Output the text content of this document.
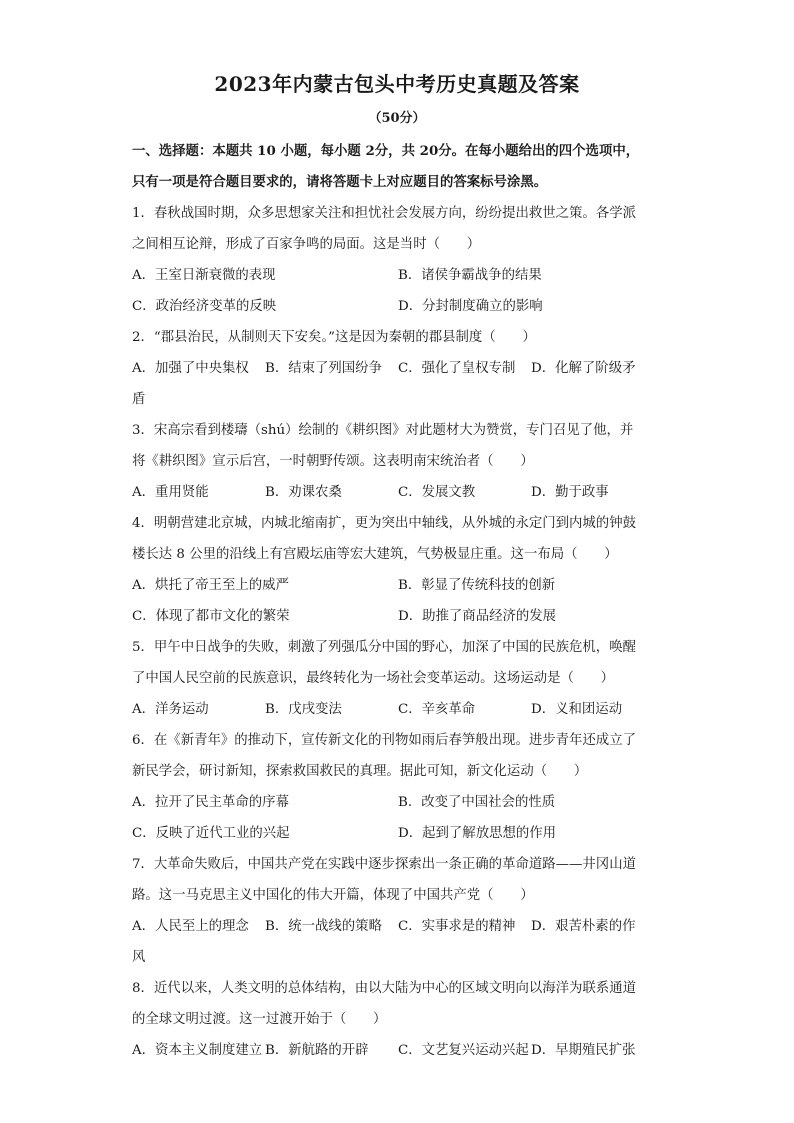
2023年内蒙古包头中考历史真题及答案
（50分）
一、选择题：本题共 10 小题，每小题 2分，共 20分。在每小题给出的四个选项中，
只有一项是符合题目要求的，请将答题卡上对应题目的答案标号涂黑。
1．春秋战国时期，众多思想家关注和担忧社会发展方向，纷纷提出救世之策。各学派
之间相互论辩，形成了百家争鸣的局面。这是当时（　　）
A．王室日渐衰微的表现	B．诸侯争霸战争的结果
C．政治经济变革的反映	D．分封制度确立的影响
2．“郡县治民，从制则天下安矣。”这是因为秦朝的郡县制度（　　）
A．加强了中央集权	B．结束了列国纷争	C．强化了皇权专制	D．化解了阶级矛
盾
3．宋高宗看到楼璹（shú）绘制的《耕织图》对此题材大为赞赏，专门召见了他，并
将《耕织图》宣示后宫，一时朝野传颂。这表明南宋统治者（　　）
A．重用贤能	B．劝课农桑	C．发展文教	D．勤于政事
4．明朝营建北京城，内城北缩南扩，更为突出中轴线，从外城的永定门到内城的钟鼓
楼长达 8 公里的沿线上有宫殿坛庙等宏大建筑，气势极显庄重。这一布局（　　）
A．烘托了帝王至上的威严	B．彰显了传统科技的创新
C．体现了都市文化的繁荣	D．助推了商品经济的发展
5．甲午中日战争的失败，刺激了列强瓜分中国的野心，加深了中国的民族危机，唤醒
了中国人民空前的民族意识，最终转化为一场社会变革运动。这场运动是（　　）
A．洋务运动	B．戊戌变法	C．辛亥革命	D．义和团运动
6．在《新青年》的推动下，宣传新文化的刊物如雨后春笋般出现。进步青年还成立了
新民学会，研讨新知，探索救国救民的真理。据此可知，新文化运动（　　）
A．拉开了民主革命的序幕	B．改变了中国社会的性质
C．反映了近代工业的兴起	D．起到了解放思想的作用
7．大革命失败后，中国共产党在实践中逐步探索出一条正确的革命道路——井冈山道
路。这一马克思主义中国化的伟大开篇，体现了中国共产党（　　）
A．人民至上的理念	B．统一战线的策略	C．实事求是的精神	D．艰苦朴素的作
风
8．近代以来，人类文明的总体结构，由以大陆为中心的区域文明向以海洋为联系通道
的全球文明过渡。这一过渡开始于（　　）
A．资本主义制度建立 B．新航路的开辟	C．文艺复兴运动兴起 D．早期殖民扩张
